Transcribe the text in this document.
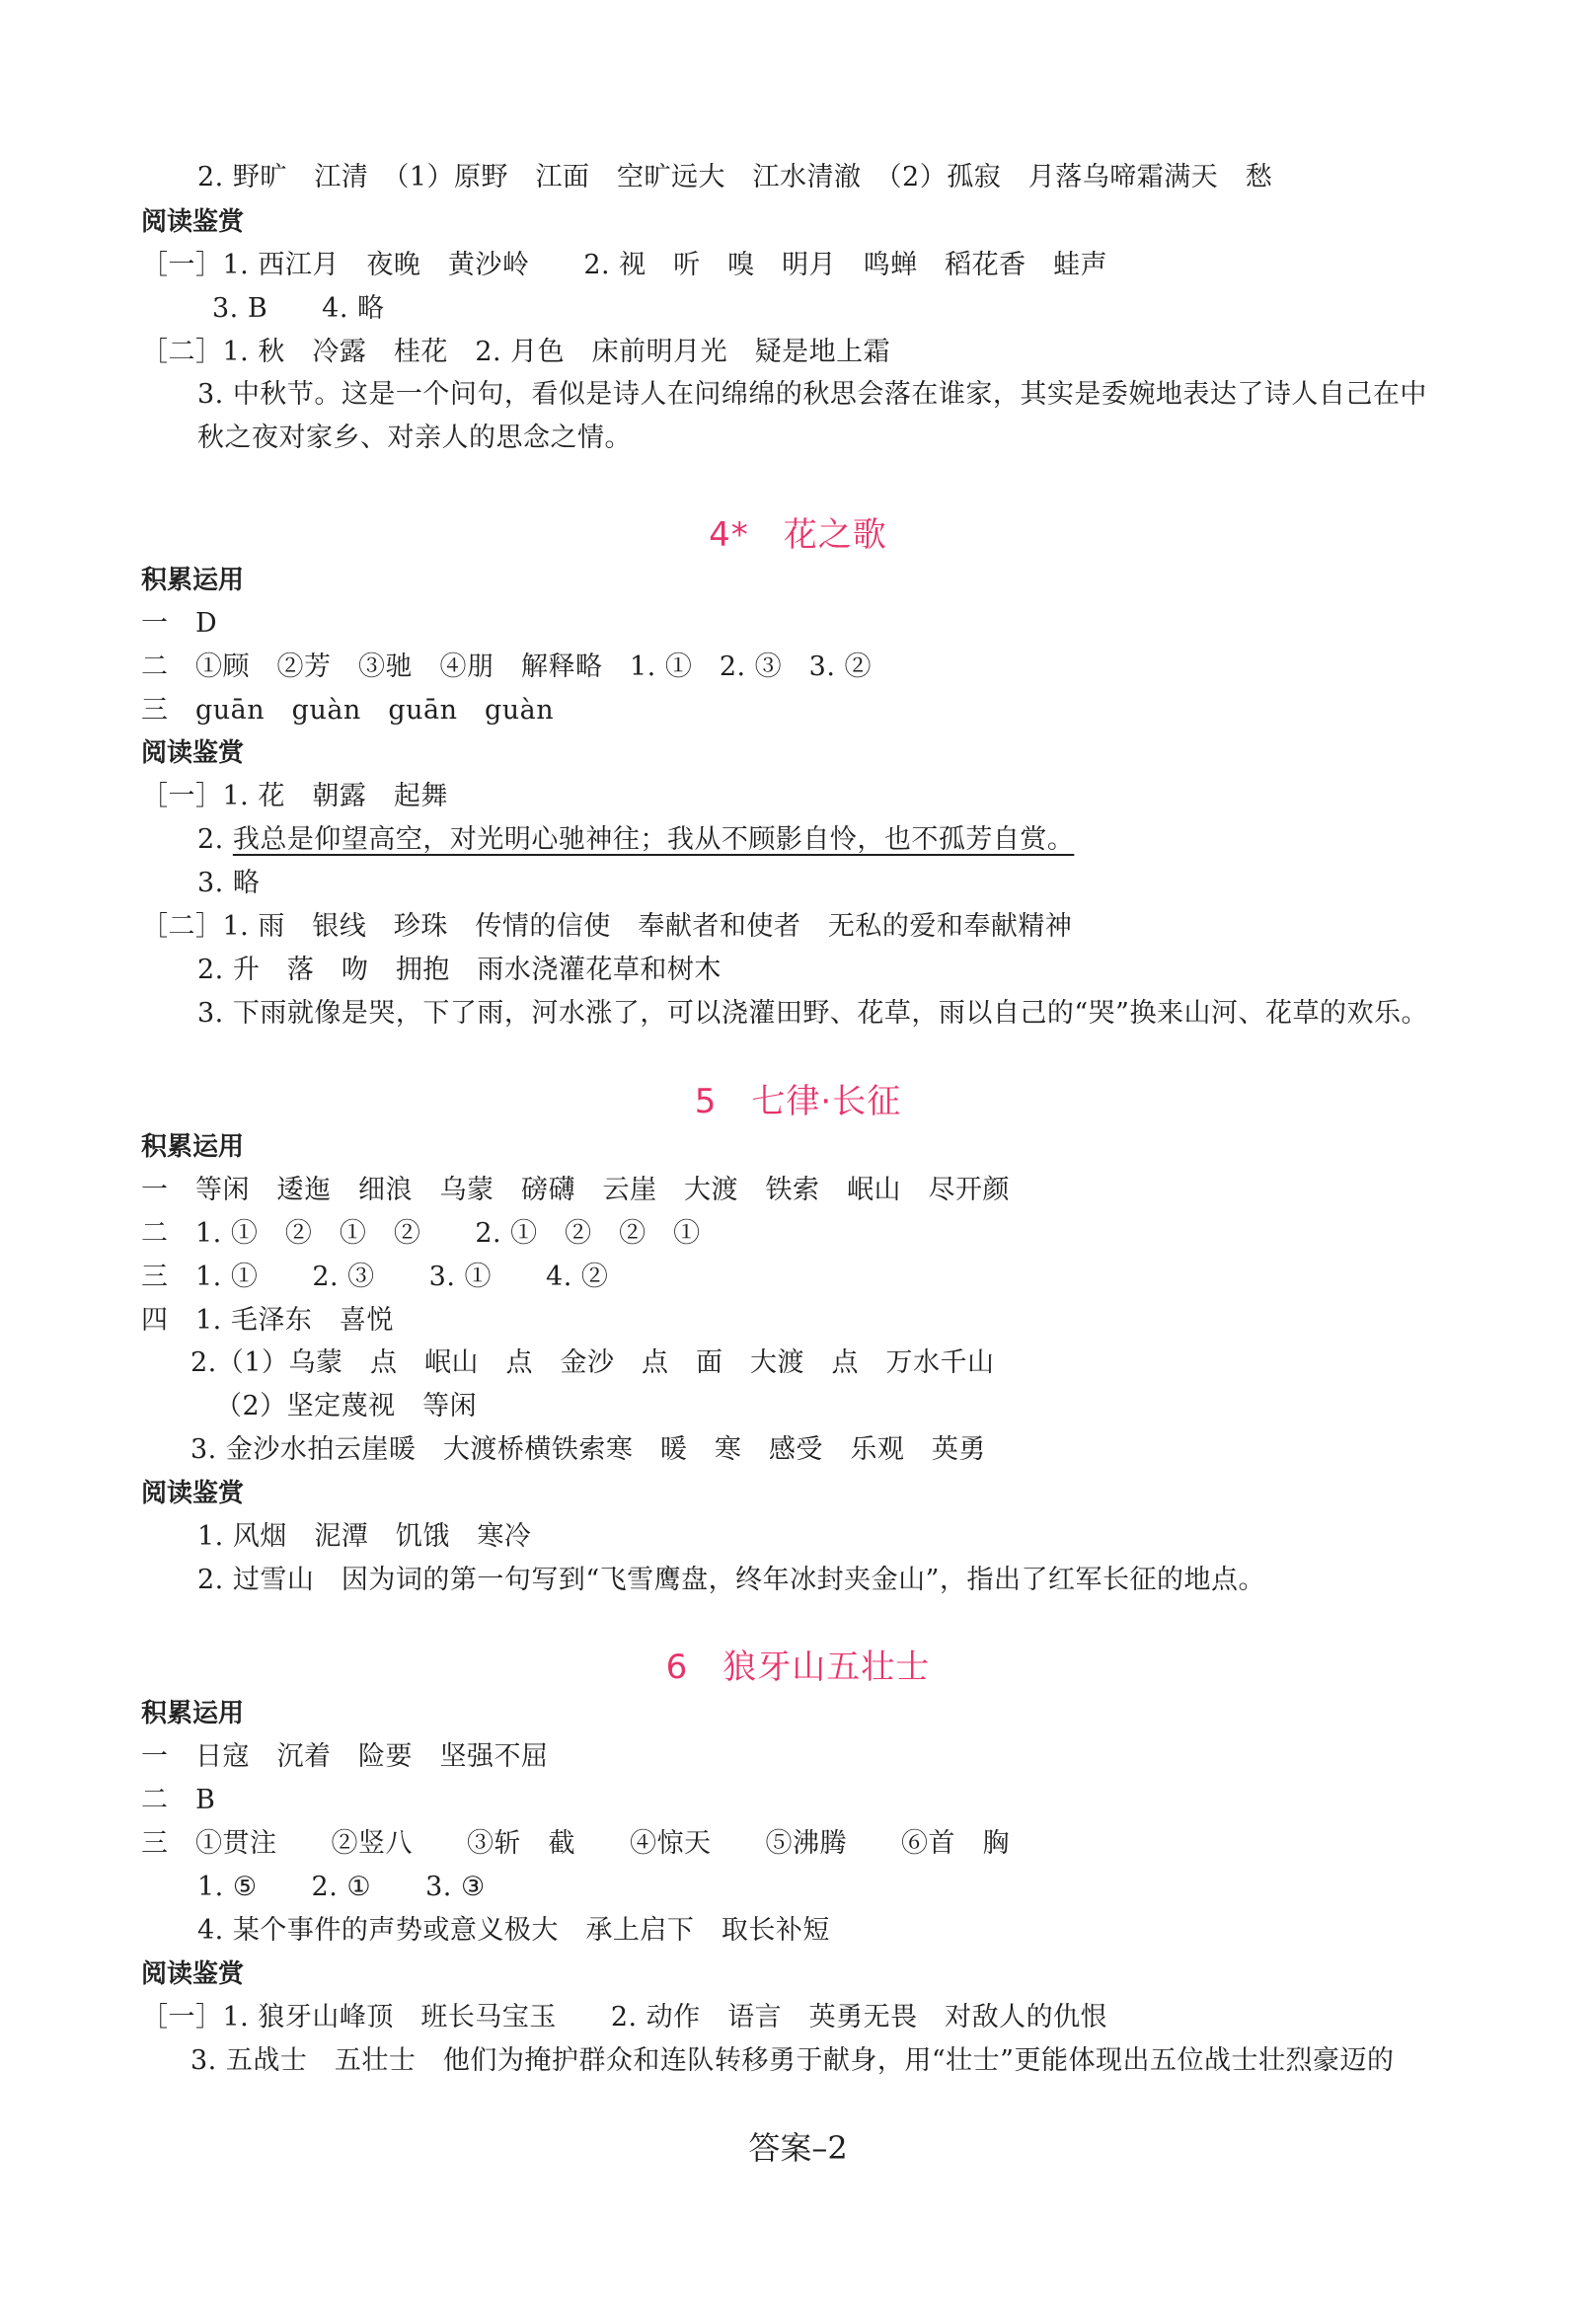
2. 野旷　江清　（1）原野　江面　空旷远大　江水清澈　（2）孤寂　月落乌啼霜满天　愁
阅读鉴赏
［一］1. 西江月　夜晚　黄沙岭　　2. 视　听　嗅　明月　鸣蝉　稻花香　蛙声
3. B　　4. 略
［二］1. 秋　冷露　桂花　2. 月色　床前明月光　疑是地上霜
3. 中秋节。这是一个问句，看似是诗人在问绵绵的秋思会落在谁家，其实是委婉地表达了诗人自己在中
秋之夜对家乡、对亲人的思念之情。
4*　花之歌
积累运用
一　D
二　①顾　②芳　③驰　④朋　解释略　1. ①　2. ③　3. ②
三　guān　guàn　guān　guàn
阅读鉴赏
［一］1. 花　朝露　起舞
2. 我总是仰望高空，对光明心驰神往；我从不顾影自怜，也不孤芳自赏。
3. 略
［二］1. 雨　银线　珍珠　传情的信使　奉献者和使者　无私的爱和奉献精神
2. 升　落　吻　拥抱　雨水浇灌花草和树木
3. 下雨就像是哭，下了雨，河水涨了，可以浇灌田野、花草，雨以自己的“哭”换来山河、花草的欢乐。
5　七律·长征
积累运用
一　等闲　逶迤　细浪　乌蒙　磅礴　云崖　大渡　铁索　岷山　尽开颜
二　1. ①　②　①　②　　2. ①　②　②　①
三　1. ①　　2. ③　　3. ①　　4. ②
四　1. 毛泽东　喜悦
2.（1）乌蒙　点　岷山　点　金沙　点　面　大渡　点　万水千山
（2）坚定蔑视　等闲
3. 金沙水拍云崖暖　大渡桥横铁索寒　暖　寒　感受　乐观　英勇
阅读鉴赏
1. 风烟　泥潭　饥饿　寒冷
2. 过雪山　因为词的第一句写到“飞雪鹰盘，终年冰封夹金山”，指出了红军长征的地点。
6　狼牙山五壮士
积累运用
一　日寇　沉着　险要　坚强不屈
二　B
三　①贯注　　②竖八　　③斩　截　　④惊天　　⑤沸腾　　⑥首　胸
1. ⑤　　2. ①　　3. ③
4. 某个事件的声势或意义极大　承上启下　取长补短
阅读鉴赏
［一］1. 狼牙山峰顶　班长马宝玉　　2. 动作　语言　英勇无畏　对敌人的仇恨
3. 五战士　五壮士　他们为掩护群众和连队转移勇于献身，用“壮士”更能体现出五位战士壮烈豪迈的
答案–2
